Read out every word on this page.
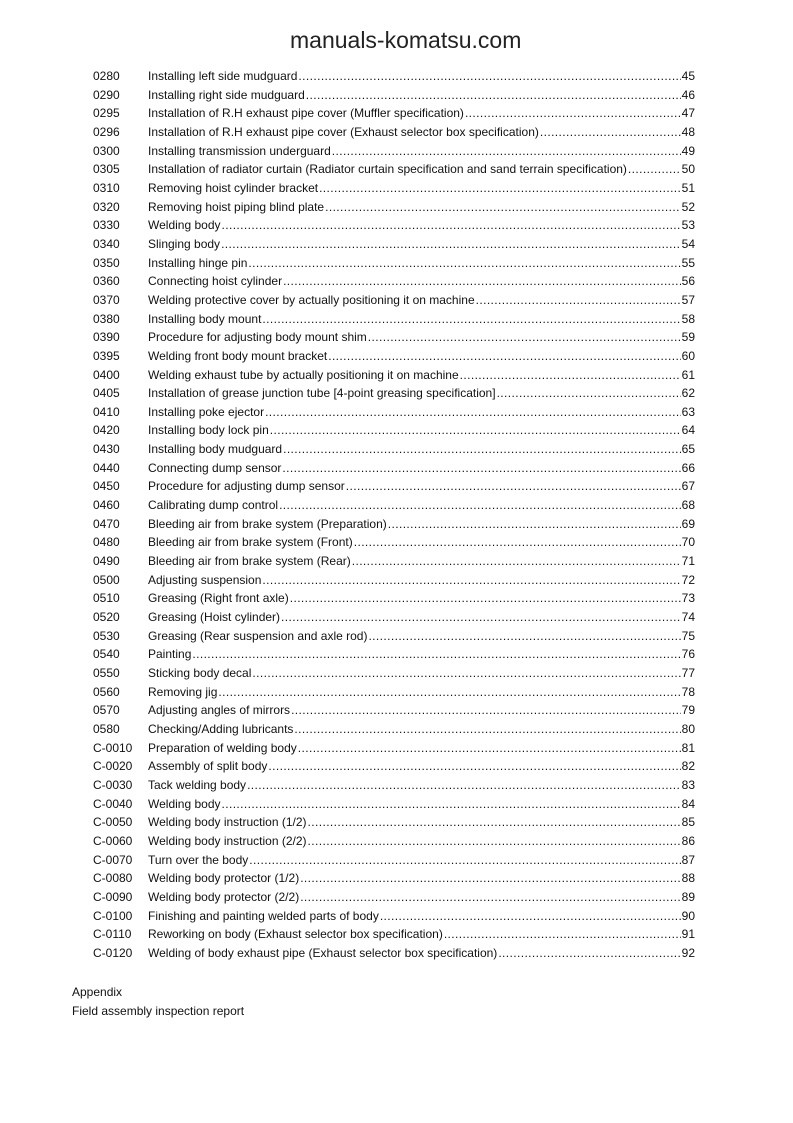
0280	Installing left side mudguard .....	45
0290	Installing right side mudguard .....	46
0295	Installation of R.H exhaust pipe cover (Muffler specification) .....	47
0296	Installation of R.H exhaust pipe cover (Exhaust selector box specification) .....	48
0300	Installing transmission underguard .....	49
0305	Installation of radiator curtain (Radiator curtain specification and sand terrain specification) .....	50
0310	Removing hoist cylinder bracket .....	51
0320	Removing hoist piping blind plate .....	52
0330	Welding body .....	53
0340	Slinging body .....	54
0350	Installing hinge pin .....	55
0360	Connecting hoist cylinder .....	56
0370	Welding protective cover by actually positioning it on machine .....	57
0380	Installing body mount .....	58
0390	Procedure for adjusting body mount shim .....	59
0395	Welding front body mount bracket .....	60
0400	Welding exhaust tube by actually positioning it on machine .....	61
0405	Installation of grease junction tube [4-point greasing specification] .....	62
0410	Installing poke ejector .....	63
0420	Installing body lock pin .....	64
0430	Installing body mudguard .....	65
0440	Connecting dump sensor .....	66
0450	Procedure for adjusting dump sensor .....	67
0460	Calibrating dump control .....	68
0470	Bleeding air from brake system (Preparation) .....	69
0480	Bleeding air from brake system (Front) .....	70
0490	Bleeding air from brake system (Rear) .....	71
0500	Adjusting suspension .....	72
0510	Greasing (Right front axle) .....	73
0520	Greasing (Hoist cylinder) .....	74
0530	Greasing (Rear suspension and axle rod) .....	75
0540	Painting .....	76
0550	Sticking body decal .....	77
0560	Removing jig .....	78
0570	Adjusting angles of mirrors .....	79
0580	Checking/Adding lubricants .....	80
C-0010	Preparation of welding body .....	81
C-0020	Assembly of split body .....	82
C-0030	Tack welding body .....	83
C-0040	Welding body .....	84
C-0050	Welding body instruction (1/2) .....	85
C-0060	Welding body instruction (2/2) .....	86
C-0070	Turn over the body .....	87
C-0080	Welding body protector (1/2) .....	88
C-0090	Welding body protector (2/2) .....	89
C-0100	Finishing and painting welded parts of body .....	90
C-0110	Reworking on body (Exhaust selector box specification) .....	91
C-0120	Welding of body exhaust pipe (Exhaust selector box specification) .....	92
Appendix
Field assembly inspection report
manuals-komatsu.com
